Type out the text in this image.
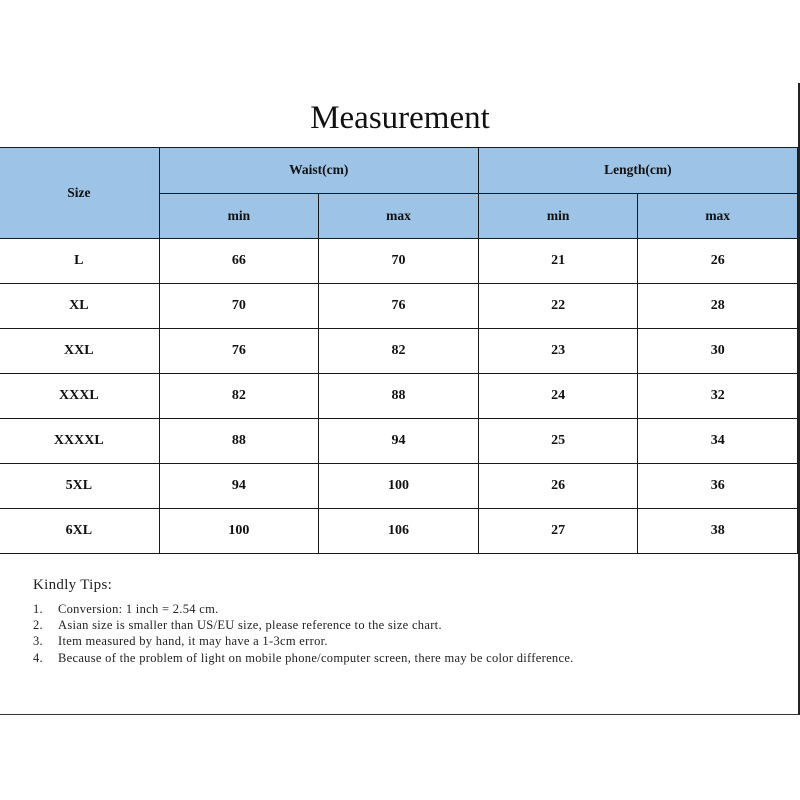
Measurement
Size	Waist(cm)		Length(cm)	
	min	max	min	max
L	66	70	21	26
XL	70	76	22	28
XXL	76	82	23	30
XXXL	82	88	24	32
XXXXL	88	94	25	34
5XL	94	100	26	36
6XL	100	106	27	38
Kindly Tips:
1. Conversion: 1 inch = 2.54 cm.
2. Asian size is smaller than US/EU size, please reference to the size chart.
3. Item measured by hand, it may have a 1-3cm error.
4. Because of the problem of light on mobile phone/computer screen, there may be color difference.
